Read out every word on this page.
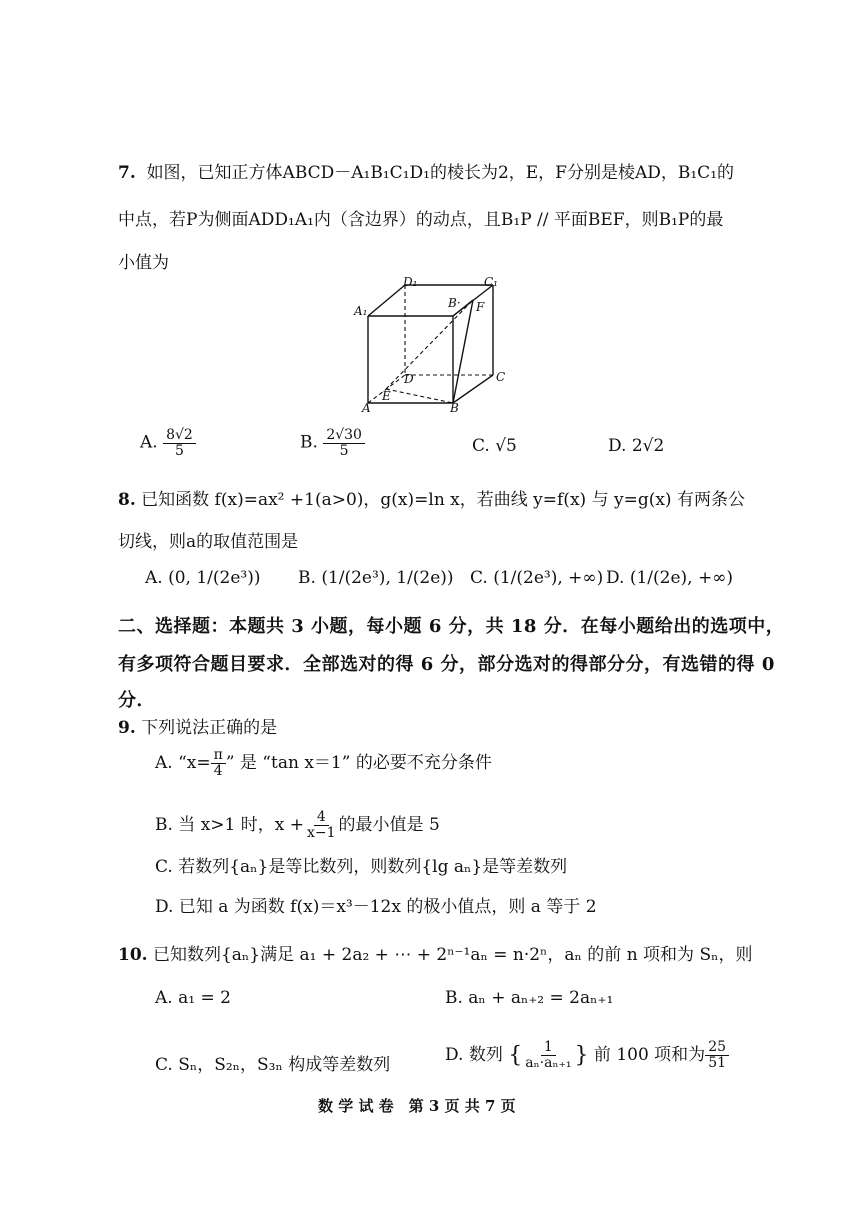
7. 如图，已知正方体ABCD－A₁B₁C₁D₁的棱长为2，E，F分别是棱AD，B₁C₁的
中点，若P为侧面ADD₁A₁内（含边界）的动点，且B₁P // 平面BEF，则B₁P的最
小值为
D₁	C₁
A₁
B· F
D	C
A
E
B
A. $\frac{8√2}{5}$	B. $\frac{2√30}{5}$	C. √5	D. 2√2
8. 已知函数 f(x)=ax² +1(a>0)，g(x)=ln x，若曲线 y=f(x) 与 y=g(x) 有两条公
切线，则a的取值范围是
A. (0, 1/(2e³)) B. (1/(2e³), 1/(2e)) C. (1/(2e³), +∞) D. (1/(2e), +∞)
二、选择题：本题共 3 小题，每小题 6 分，共 18 分．在每小题给出的选项中，
有多项符合题目要求．全部选对的得 6 分，部分选对的得部分分，有选错的得 0
分．
9. 下列说法正确的是
A. “$x= \frac{\pi}{4}$ ” 是 “tan x＝1” 的必要不充分条件
B. 当 x>1 时，$x + \frac{4}{x-1}$ 的最小值是 5
C. 若数列{aₙ}是等比数列，则数列{lg aₙ}是等差数列
D. 已知 a 为函数 f(x)＝x³－12x 的极小值点，则 a 等于 2
10. 已知数列{aₙ}满足 a₁ + 2a₂ + ⋯ + 2ⁿ⁻¹aₙ = n·2ⁿ，aₙ 的前 n 项和为 Sₙ，则
A. a₁ = 2	B. aₙ + aₙ₊₂ = 2aₙ₊₁
C. Sₙ，S₂ₙ，S₃ₙ 构成等差数列	D. 数列 { $\frac{1}{\text{aₙ·aₙ₊₁}}$ } 前 100 项和为 $\frac{25}{51}$
数 学 试 卷　第 3 页 共 7 页
